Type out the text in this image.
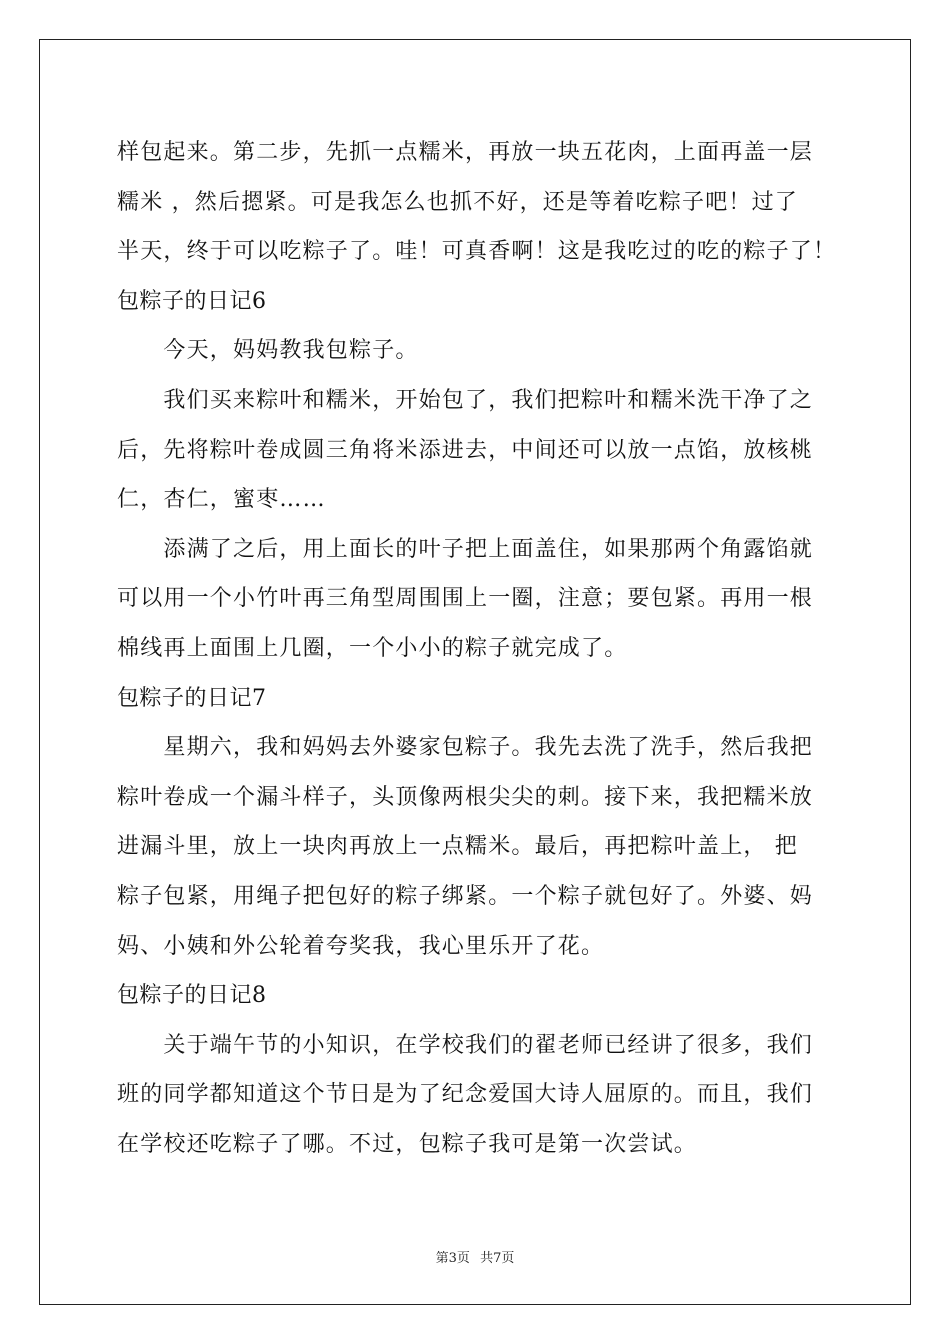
样包起来。第二步，先抓一点糯米，再放一块五花肉，上面再盖一层
糯米 ，然后摁紧。可是我怎么也抓不好，还是等着吃粽子吧！过了
半天，终于可以吃粽子了。哇！可真香啊！这是我吃过的吃的粽子了！
包粽子的日记6
　　今天，妈妈教我包粽子。
　　我们买来粽叶和糯米，开始包了，我们把粽叶和糯米洗干净了之
后，先将粽叶卷成圆三角将米添进去，中间还可以放一点馅，放核桃
仁，杏仁，蜜枣……
　　添满了之后，用上面长的叶子把上面盖住，如果那两个角露馅就
可以用一个小竹叶再三角型周围围上一圈，注意；要包紧。再用一根
棉线再上面围上几圈，一个小小的粽子就完成了。
包粽子的日记7
　　星期六，我和妈妈去外婆家包粽子。我先去洗了洗手，然后我把
粽叶卷成一个漏斗样子，头顶像两根尖尖的刺。接下来，我把糯米放
进漏斗里，放上一块肉再放上一点糯米。最后，再把粽叶盖上， 把
粽子包紧，用绳子把包好的粽子绑紧。一个粽子就包好了。外婆、妈
妈、小姨和外公轮着夸奖我，我心里乐开了花。
包粽子的日记8
　　关于端午节的小知识，在学校我们的翟老师已经讲了很多，我们
班的同学都知道这个节日是为了纪念爱国大诗人屈原的。而且，我们
在学校还吃粽子了哪。不过，包粽子我可是第一次尝试。
第3页 共7页
